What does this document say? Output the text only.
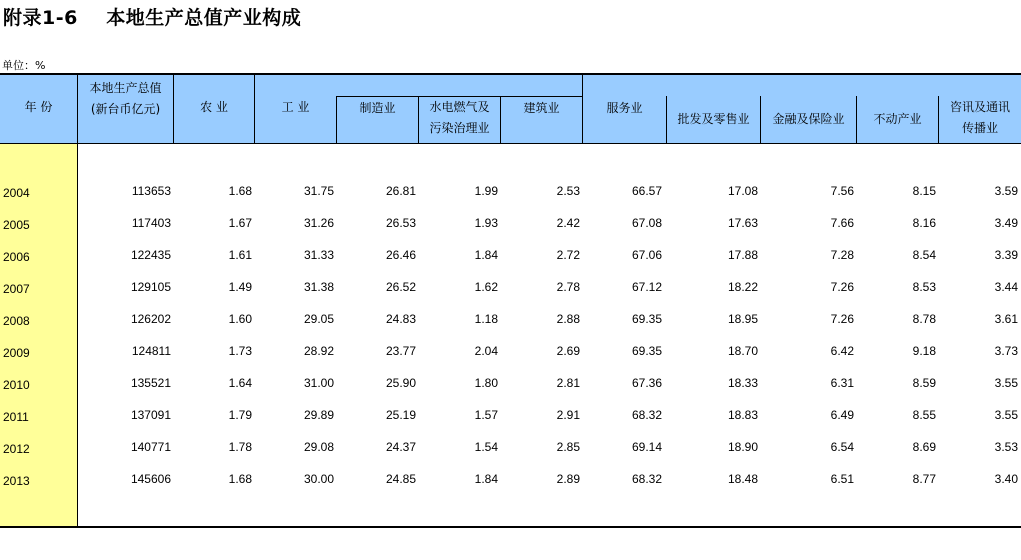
附录1-6    本地生产总值产业构成
单位：%
年 份
本地生产总值
(新台币亿元)	农 业	工 业	制造业	水电燃气及
污染治理业
建筑业	服务业
批发及零售业	金融及保险业	不动产业
咨讯及通讯
传播业
2004	113653	1.68	31.75	26.81	1.99	2.53	66.57	17.08	7.56	8.15	3.59
2005	117403	1.67	31.26	26.53	1.93	2.42	67.08	17.63	7.66	8.16	3.49
2006	122435	1.61	31.33	26.46	1.84	2.72	67.06	17.88	7.28	8.54	3.39
2007	129105	1.49	31.38	26.52	1.62	2.78	67.12	18.22	7.26	8.53	3.44
2008	126202	1.60	29.05	24.83	1.18	2.88	69.35	18.95	7.26	8.78	3.61
2009	124811	1.73	28.92	23.77	2.04	2.69	69.35	18.70	6.42	9.18	3.73
2010	135521	1.64	31.00	25.90	1.80	2.81	67.36	18.33	6.31	8.59	3.55
2011	137091	1.79	29.89	25.19	1.57	2.91	68.32	18.83	6.49	8.55	3.55
2012	140771	1.78	29.08	24.37	1.54	2.85	69.14	18.90	6.54	8.69	3.53
2013	145606	1.68	30.00	24.85	1.84	2.89	68.32	18.48	6.51	8.77	3.40
